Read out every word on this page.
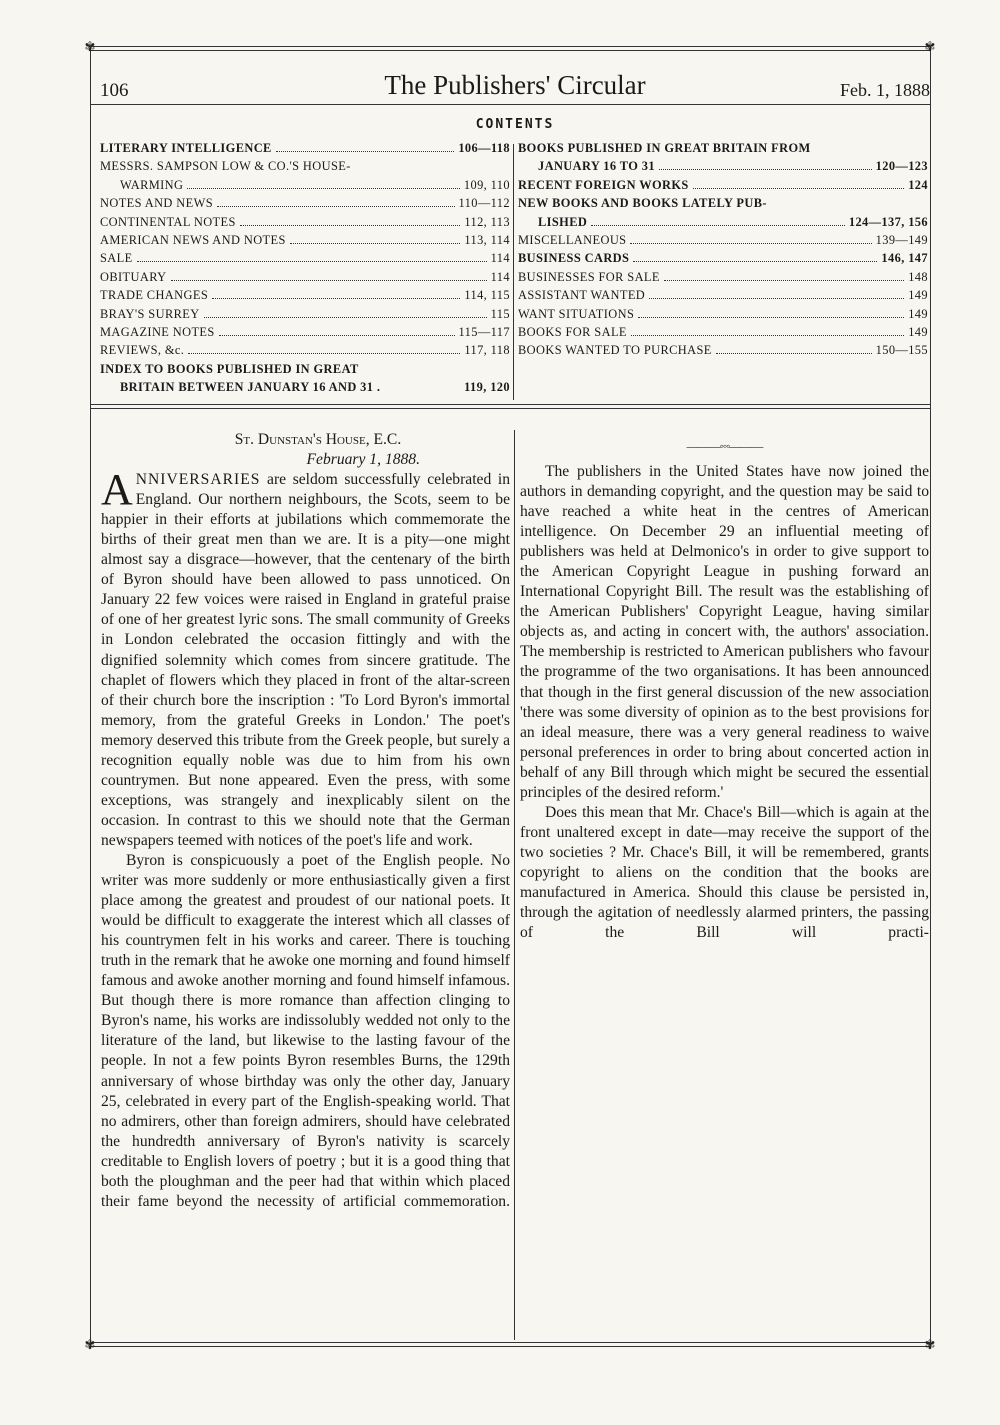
✾	✾
✾	✾
106	The Publishers' Circular	Feb. 1, 1888
CONTENTS
LITERARY INTELLIGENCE	106—118
MESSRS. SAMPSON LOW & CO.'S HOUSE-
WARMING	109, 110
NOTES AND NEWS	110—112
CONTINENTAL NOTES	112, 113
AMERICAN NEWS AND NOTES	113, 114
SALE	114
OBITUARY	114
TRADE CHANGES	114, 115
BRAY'S SURREY	115
MAGAZINE NOTES	115—117
REVIEWS, &c.	117, 118
INDEX TO BOOKS PUBLISHED IN GREAT
BRITAIN BETWEEN JANUARY 16 AND 31 .	119, 120
BOOKS PUBLISHED IN GREAT BRITAIN FROM
JANUARY 16 TO 31	120—123
RECENT FOREIGN WORKS	124
NEW BOOKS AND BOOKS LATELY PUB-
LISHED	124—137, 156
MISCELLANEOUS	139—149
BUSINESS CARDS	146, 147
BUSINESSES FOR SALE	148
ASSISTANT WANTED	149
WANT SITUATIONS	149
BOOKS FOR SALE	149
BOOKS WANTED TO PURCHASE	150—155

St. Dunstan's House, E.C.

February 1, 1888.

ANNIVERSARIES are seldom successfully celebrated in England. Our northern neighbours, the Scots, seem to be happier in their efforts at jubilations which commemorate the births of their great men than we are. It is a pity—one might almost say a disgrace—however, that the centenary of the birth of Byron should have been allowed to pass unnoticed. On January 22 few voices were raised in England in grateful praise of one of her greatest lyric sons. The small community of Greeks in London celebrated the occasion fittingly and with the dignified solemnity which comes from sincere gratitude. The chaplet of flowers which they placed in front of the altar-screen of their church bore the inscription : 'To Lord Byron's immortal memory, from the grateful Greeks in London.' The poet's memory deserved this tribute from the Greek people, but surely a recognition equally noble was due to him from his own countrymen. But none appeared. Even the press, with some exceptions, was strangely and inexplicably silent on the occasion. In contrast to this we should note that the German newspapers teemed with notices of the poet's life and work.

Byron is conspicuously a poet of the English people. No writer was more suddenly or more enthusiastically given a first place among the greatest and proudest of our national poets. It would be difficult to exaggerate the interest which all classes of his countrymen felt in his works and career. There is touching truth in the remark that he awoke one morning and found himself famous and awoke another morning and found himself infamous. But though there is more romance than affection clinging to Byron's name, his works are indissolubly wedded not only to the literature of the land, but likewise to the lasting favour of the people. In not a few points Byron resembles Burns, the 129th anniversary of whose birthday was only the other day, January 25, celebrated in every part of the English-speaking world. That no admirers, other than foreign admirers, should have celebrated the hundredth anniversary of Byron's nativity is scarcely creditable to English lovers of poetry ; but it is a good thing that both the ploughman and the peer had that within which placed their fame beyond the necessity of artificial commemoration.

———◦◦◦———

The publishers in the United States have now joined the authors in demanding copyright, and the question may be said to have reached a white heat in the centres of American intelligence. On December 29 an influential meeting of publishers was held at Delmonico's in order to give support to the American Copyright League in pushing forward an International Copyright Bill. The result was the establishing of the American Publishers' Copyright League, having similar objects as, and acting in concert with, the authors' association. The membership is restricted to American publishers who favour the programme of the two organisations. It has been announced that though in the first general discussion of the new association 'there was some diversity of opinion as to the best provisions for an ideal measure, there was a very general readiness to waive personal preferences in order to bring about concerted action in behalf of any Bill through which might be secured the essential principles of the desired reform.'

Does this mean that Mr. Chace's Bill—which is again at the front unaltered except in date—may receive the support of the two societies ? Mr. Chace's Bill, it will be remembered, grants copyright to aliens on the condition that the books are manufactured in America. Should this clause be persisted in, through the agitation of needlessly alarmed printers, the passing of the Bill will practi-
